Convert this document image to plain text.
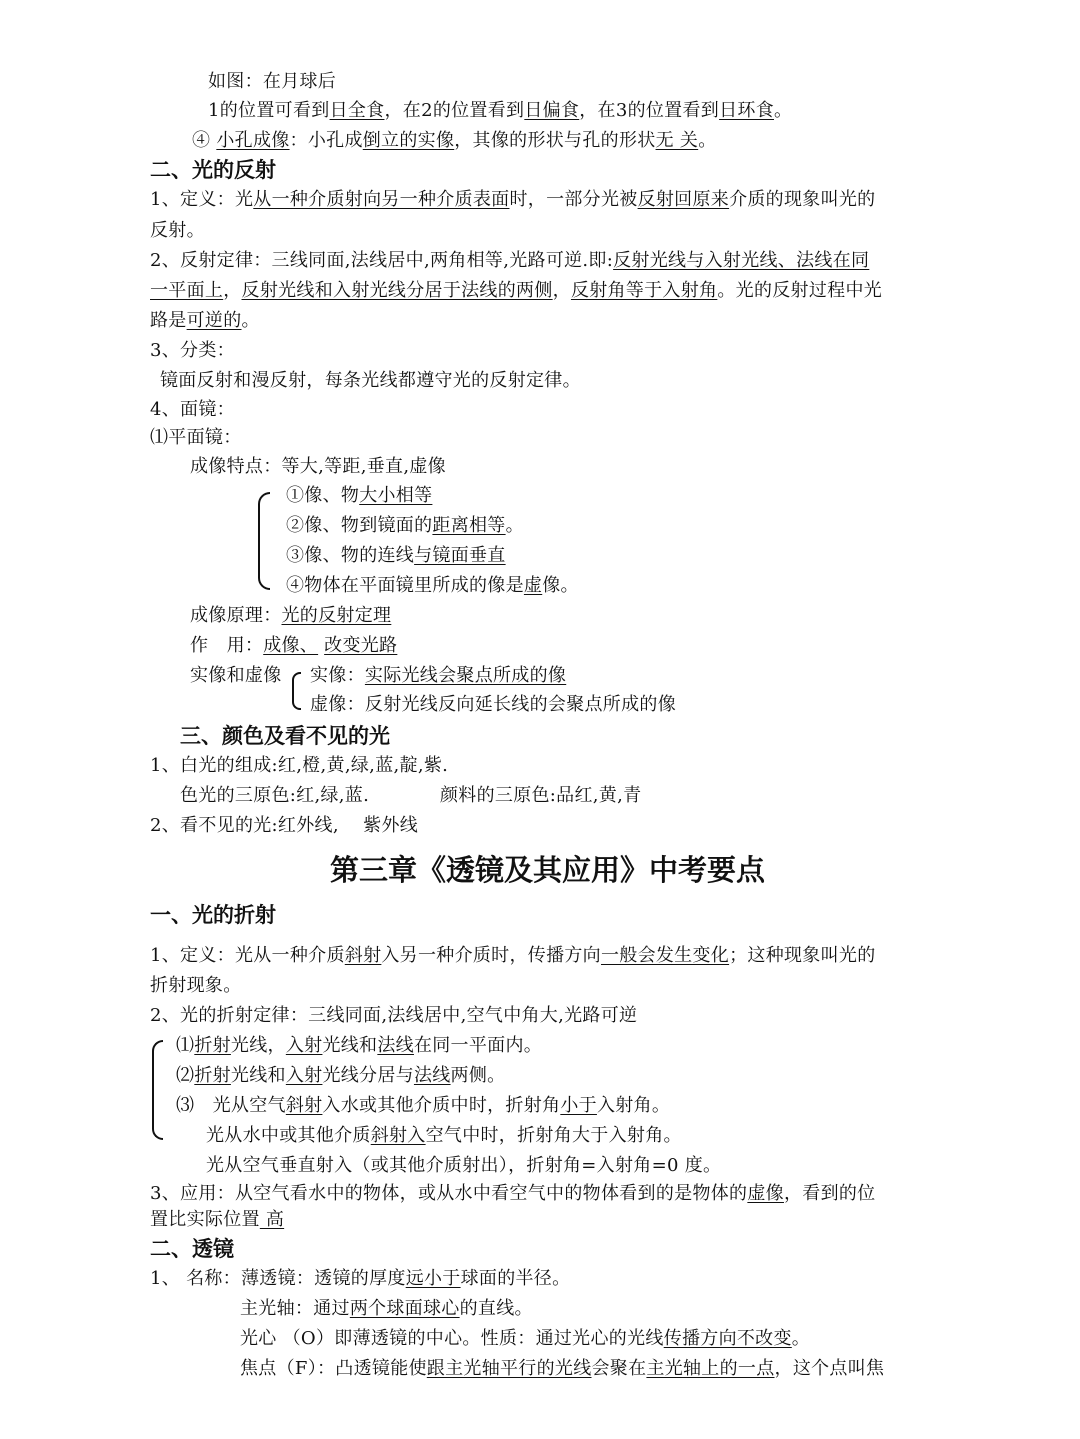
如图：在月球后
1的位置可看到日全食，在2的位置看到日偏食，在3的位置看到日环食。
④ 小孔成像：小孔成倒立的实像，其像的形状与孔的形状无 关。
二、光的反射
1、定义：光从一种介质射向另一种介质表面时，一部分光被反射回原来介质的现象叫光的
反射。
2、反射定律：三线同面,法线居中,两角相等,光路可逆.即:反射光线与入射光线、法线在同
一平面上，反射光线和入射光线分居于法线的两侧，反射角等于入射角。光的反射过程中光
路是可逆的。
3、分类：
镜面反射和漫反射，每条光线都遵守光的反射定律。
4、面镜：
⑴平面镜：
成像特点：等大,等距,垂直,虚像
①像、物大小相等
②像、物到镜面的距离相等。
③像、物的连线与镜面垂直
④物体在平面镜里所成的像是虚像。
成像原理：光的反射定理
作　用：成像、 改变光路
实像和虚像 实像：实际光线会聚点所成的像
虚像：反射光线反向延长线的会聚点所成的像
三、颜色及看不见的光
1、白光的组成:红,橙,黄,绿,蓝,靛,紫.
色光的三原色:红,绿,蓝.	颜料的三原色:品红,黄,青
2、看不见的光:红外线,　 紫外线
第三章《透镜及其应用》中考要点
一、光的折射
1、定义：光从一种介质斜射入另一种介质时，传播方向一般会发生变化；这种现象叫光的
折射现象。
2、光的折射定律：三线同面,法线居中,空气中角大,光路可逆
⑴折射光线，入射光线和法线在同一平面内。
⑵折射光线和入射光线分居与法线两侧。
⑶　光从空气斜射入水或其他介质中时，折射角小于入射角。
光从水中或其他介质斜射入空气中时，折射角大于入射角。
光从空气垂直射入（或其他介质射出），折射角=入射角=0 度。
3、应用：从空气看水中的物体，或从水中看空气中的物体看到的是物体的虚像，看到的位
置比实际位置 高
二、透镜
1、 名称：薄透镜：透镜的厚度远小于球面的半径。
主光轴：通过两个球面球心的直线。
光心 （O）即薄透镜的中心。性质：通过光心的光线传播方向不改变。
焦点（F）：凸透镜能使跟主光轴平行的光线会聚在主光轴上的一点，这个点叫焦
